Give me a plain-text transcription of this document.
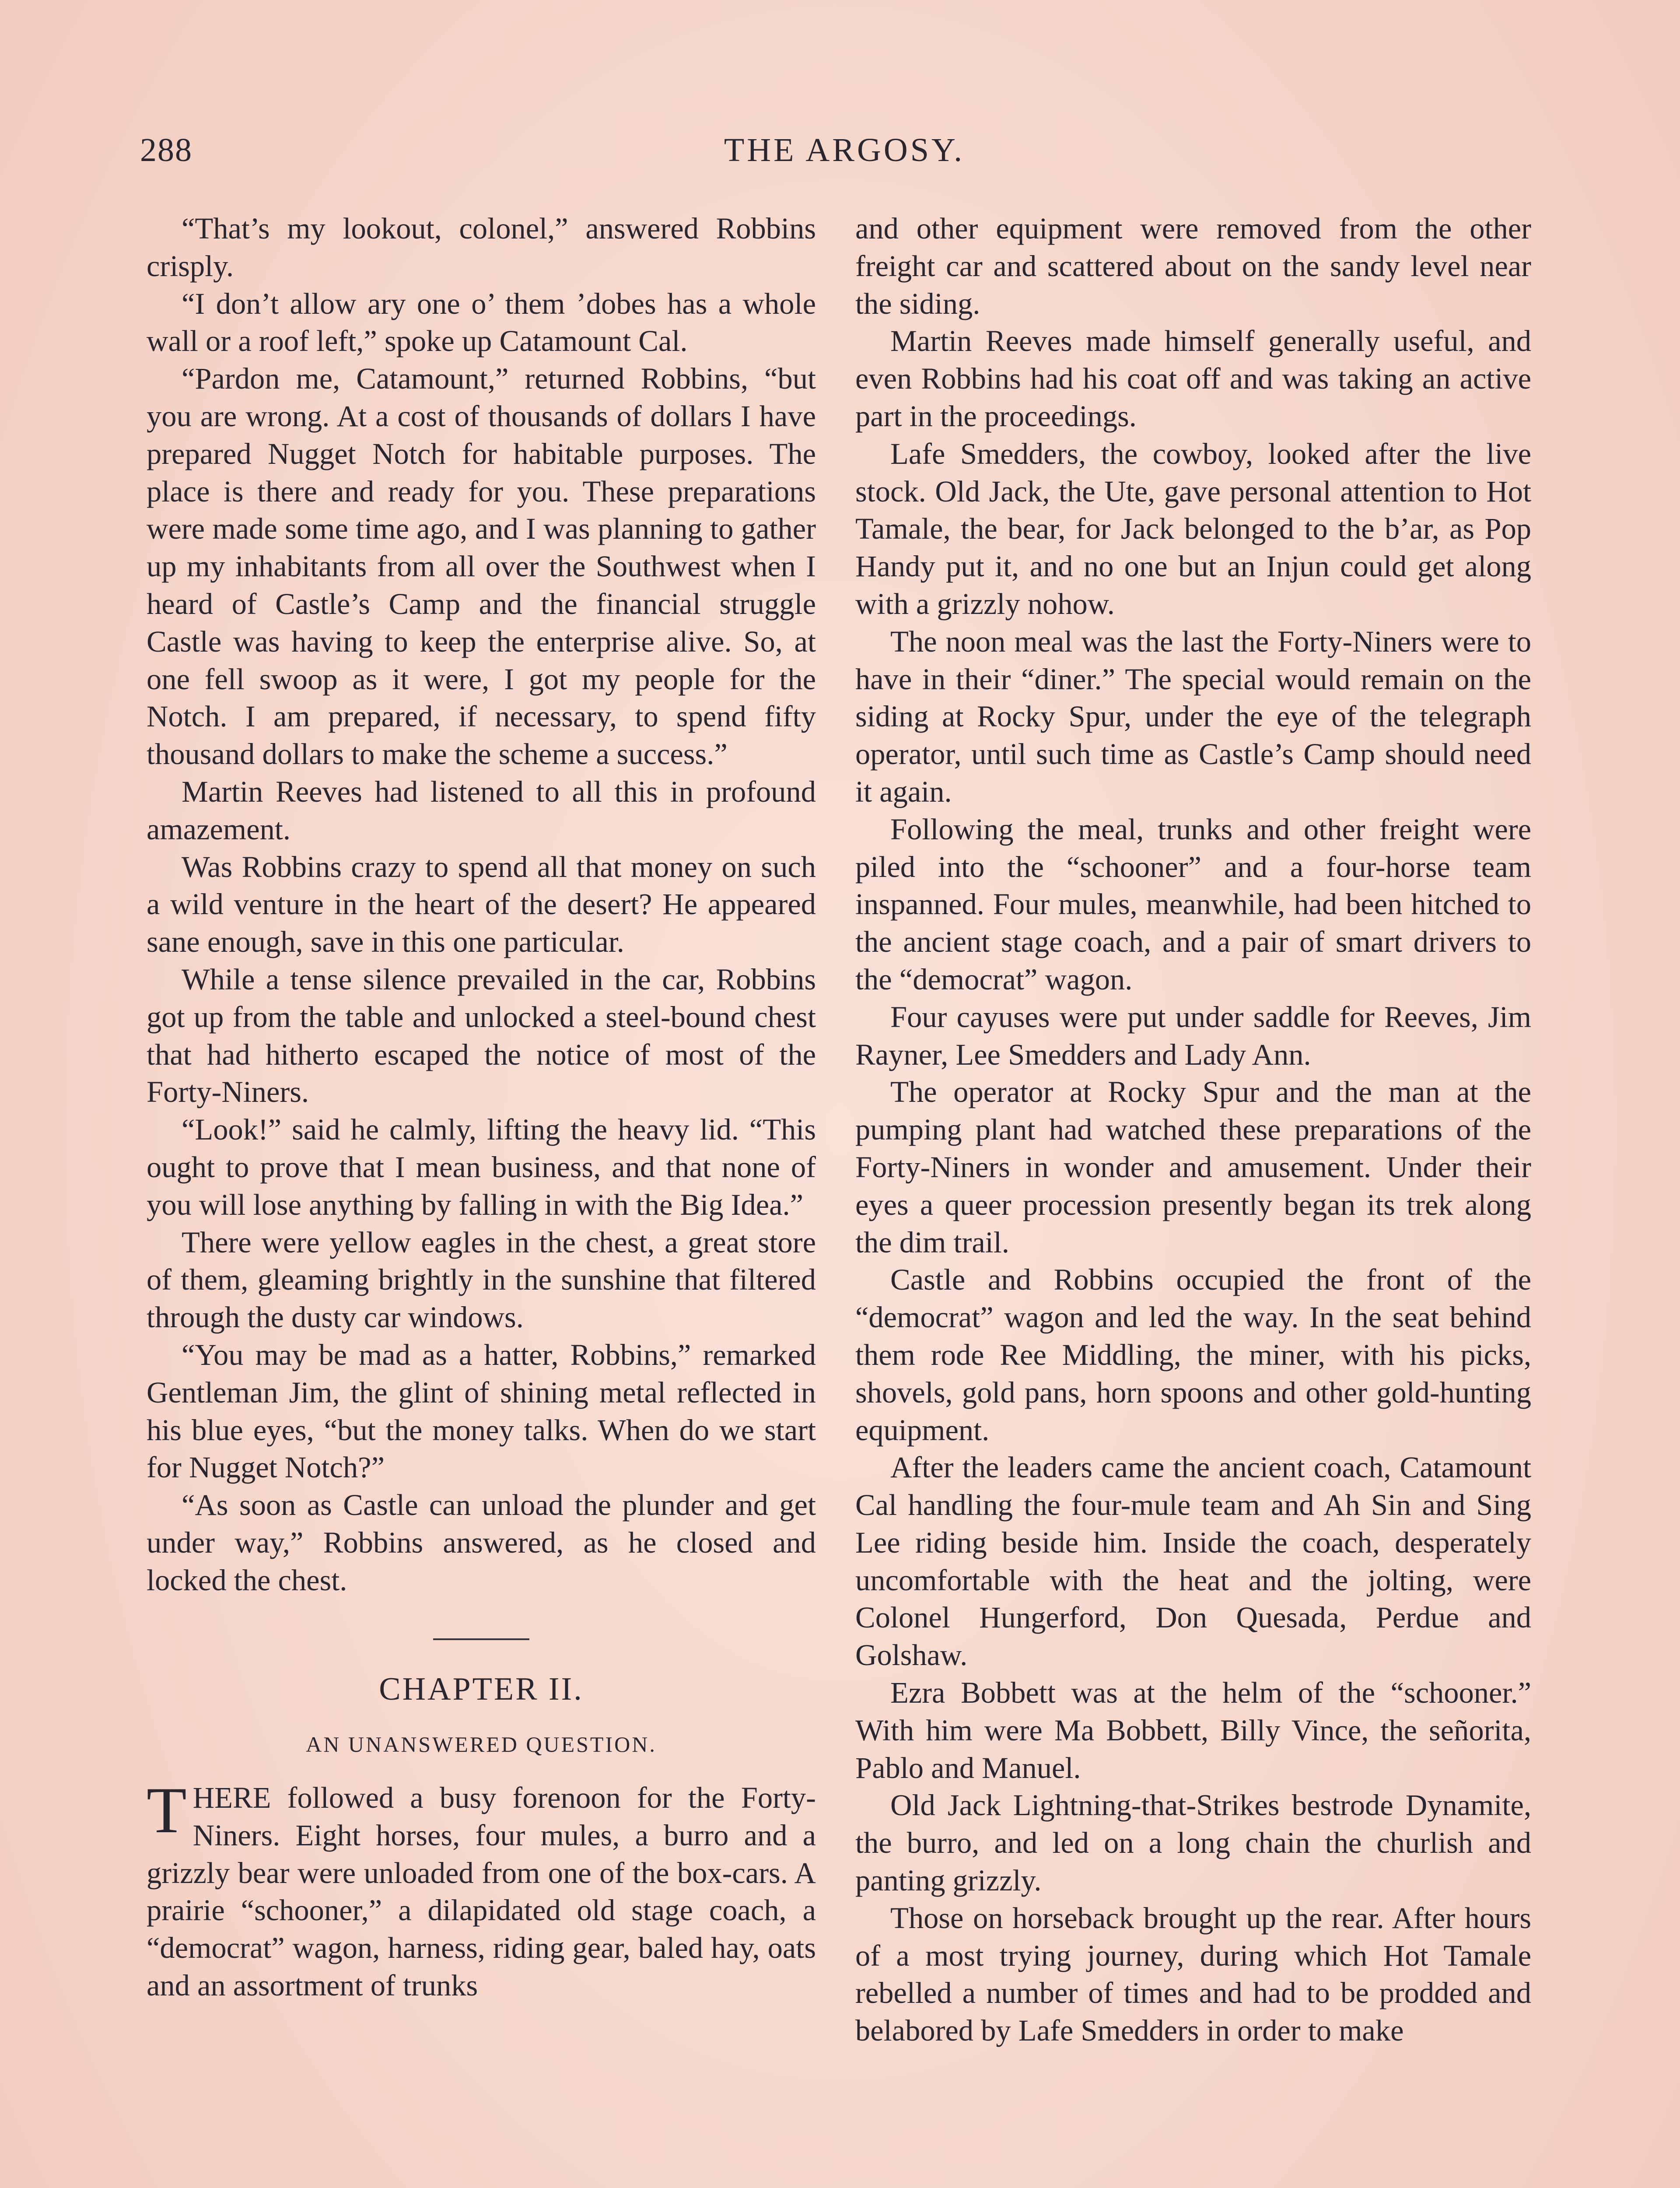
288	THE ARGOSY.

“That’s my lookout, colonel,” answered Robbins crisply.

“I don’t allow ary one o’ them ’dobes has a whole wall or a roof left,” spoke up Catamount Cal.

“Pardon me, Catamount,” returned Robbins, “but you are wrong. At a cost of thousands of dollars I have prepared Nugget Notch for habitable purposes. The place is there and ready for you. These preparations were made some time ago, and I was planning to gather up my inhabitants from all over the Southwest when I heard of Castle’s Camp and the financial struggle Castle was having to keep the enterprise alive. So, at one fell swoop as it were, I got my people for the Notch. I am prepared, if necessary, to spend fifty thousand dollars to make the scheme a success.”

Martin Reeves had listened to all this in profound amazement.

Was Robbins crazy to spend all that money on such a wild venture in the heart of the desert? He appeared sane enough, save in this one particular.

While a tense silence prevailed in the car, Robbins got up from the table and unlocked a steel-bound chest that had hitherto escaped the notice of most of the Forty-Niners.

“Look!” said he calmly, lifting the heavy lid. “This ought to prove that I mean business, and that none of you will lose anything by falling in with the Big Idea.”

There were yellow eagles in the chest, a great store of them, gleaming brightly in the sunshine that filtered through the dusty car windows.

“You may be mad as a hatter, Robbins,” remarked Gentleman Jim, the glint of shining metal reflected in his blue eyes, “but the money talks. When do we start for Nugget Notch?”

“As soon as Castle can unload the plunder and get under way,” Robbins answered, as he closed and locked the chest.

CHAPTER II.
AN UNANSWERED QUESTION.

THERE followed a busy forenoon for the Forty-Niners. Eight horses, four mules, a burro and a grizzly bear were unloaded from one of the box-cars. A prairie “schooner,” a dilapidated old stage coach, a “democrat” wagon, harness, riding gear, baled hay, oats and an assortment of trunks

and other equipment were removed from the other freight car and scattered about on the sandy level near the siding.

Martin Reeves made himself generally useful, and even Robbins had his coat off and was taking an active part in the proceedings.

Lafe Smedders, the cowboy, looked after the live stock. Old Jack, the Ute, gave personal attention to Hot Tamale, the bear, for Jack belonged to the b’ar, as Pop Handy put it, and no one but an Injun could get along with a grizzly nohow.

The noon meal was the last the Forty-Niners were to have in their “diner.” The special would remain on the siding at Rocky Spur, under the eye of the telegraph operator, until such time as Castle’s Camp should need it again.

Following the meal, trunks and other freight were piled into the “schooner” and a four-horse team inspanned. Four mules, meanwhile, had been hitched to the ancient stage coach, and a pair of smart drivers to the “democrat” wagon.

Four cayuses were put under saddle for Reeves, Jim Rayner, Lee Smedders and Lady Ann.

The operator at Rocky Spur and the man at the pumping plant had watched these preparations of the Forty-Niners in wonder and amusement. Under their eyes a queer procession presently began its trek along the dim trail.

Castle and Robbins occupied the front of the “democrat” wagon and led the way. In the seat behind them rode Ree Middling, the miner, with his picks, shovels, gold pans, horn spoons and other gold-hunting equipment.

After the leaders came the ancient coach, Catamount Cal handling the four-mule team and Ah Sin and Sing Lee riding beside him. Inside the coach, desperately uncomfortable with the heat and the jolting, were Colonel Hungerford, Don Quesada, Perdue and Golshaw.

Ezra Bobbett was at the helm of the “schooner.” With him were Ma Bobbett, Billy Vince, the señorita, Pablo and Manuel.

Old Jack Lightning-that-Strikes bestrode Dynamite, the burro, and led on a long chain the churlish and panting grizzly.

Those on horseback brought up the rear. After hours of a most trying journey, during which Hot Tamale rebelled a number of times and had to be prodded and belabored by Lafe Smedders in order to make
